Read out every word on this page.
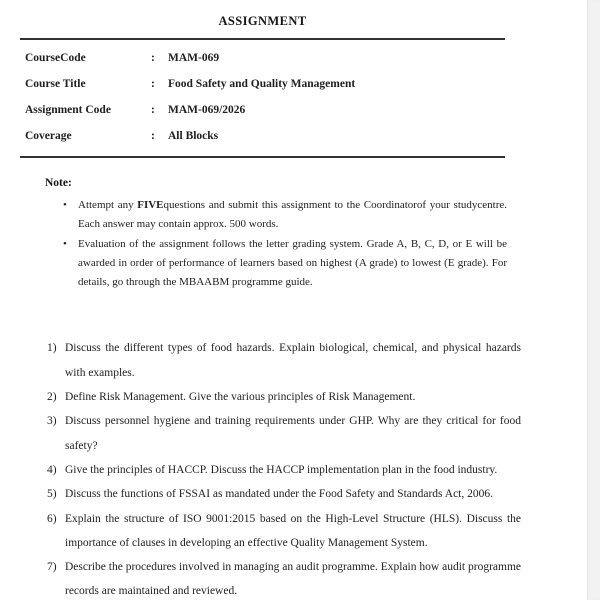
ASSIGNMENT
CourseCode	:	MAM-069
Course Title	:	Food Safety and Quality Management
Assignment Code	:	MAM-069/2026
Coverage	:	All Blocks
Note:
•	Attempt any FIVEquestions and submit this assignment to the Coordinatorof your studycentre. Each answer may contain approx. 500 words.
•	Evaluation of the assignment follows the letter grading system. Grade A, B, C, D, or E will be awarded in order of performance of learners based on highest (A grade) to lowest (E grade). For details, go through the MBAABM programme guide.
1) Discuss the different types of food hazards. Explain biological, chemical, and physical hazards with examples.
2) Define Risk Management. Give the various principles of Risk Management.
3) Discuss personnel hygiene and training requirements under GHP. Why are they critical for food safety?
4) Give the principles of HACCP. Discuss the HACCP implementation plan in the food industry.
5) Discuss the functions of FSSAI as mandated under the Food Safety and Standards Act, 2006.
6) Explain the structure of ISO 9001:2015 based on the High-Level Structure (HLS). Discuss the importance of clauses in developing an effective Quality Management System.
7) Describe the procedures involved in managing an audit programme. Explain how audit programme records are maintained and reviewed.
